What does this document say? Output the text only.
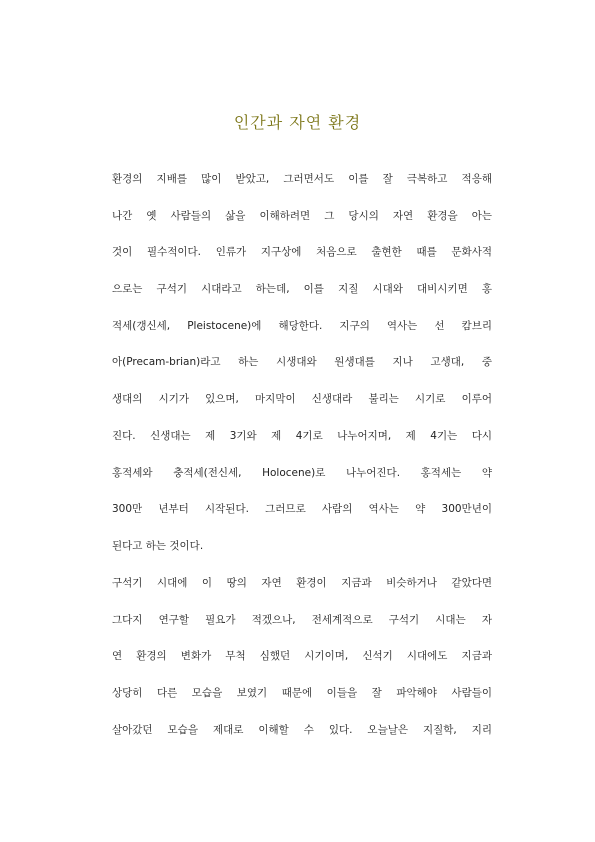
인간과 자연 환경
환경의 지배를 많이 받았고, 그러면서도 이를 잘 극복하고 적응해
나간 옛 사람들의 삶을 이해하려면 그 당시의 자연 환경을 아는
것이 필수적이다. 인류가 지구상에 처음으로 출현한 때를 문화사적
으로는 구석기 시대라고 하는데, 이를 지질 시대와 대비시키면 홍
적세(갱신세, Pleistocene)에 해당한다. 지구의 역사는 선 캄브리
아(Precam-brian)라고 하는 시생대와 원생대를 지나 고생대, 중
생대의 시기가 있으며, 마지막이 신생대라 불리는 시기로 이루어
진다. 신생대는 제 3기와 제 4기로 나누어지며, 제 4기는 다시
홍적세와 충적세(전신세, Holocene)로 나누어진다. 홍적세는 약
300만 년부터 시작된다. 그러므로 사람의 역사는 약 300만년이
된다고 하는 것이다.
구석기 시대에 이 땅의 자연 환경이 지금과 비슷하거나 같았다면
그다지 연구할 필요가 적겠으나, 전세계적으로 구석기 시대는 자
연 환경의 변화가 무척 심했던 시기이며, 신석기 시대에도 지금과
상당히 다른 모습을 보였기 때문에 이들을 잘 파악해야 사람들이
살아갔던 모습을 제대로 이해할 수 있다. 오늘날은 지질학, 지리
